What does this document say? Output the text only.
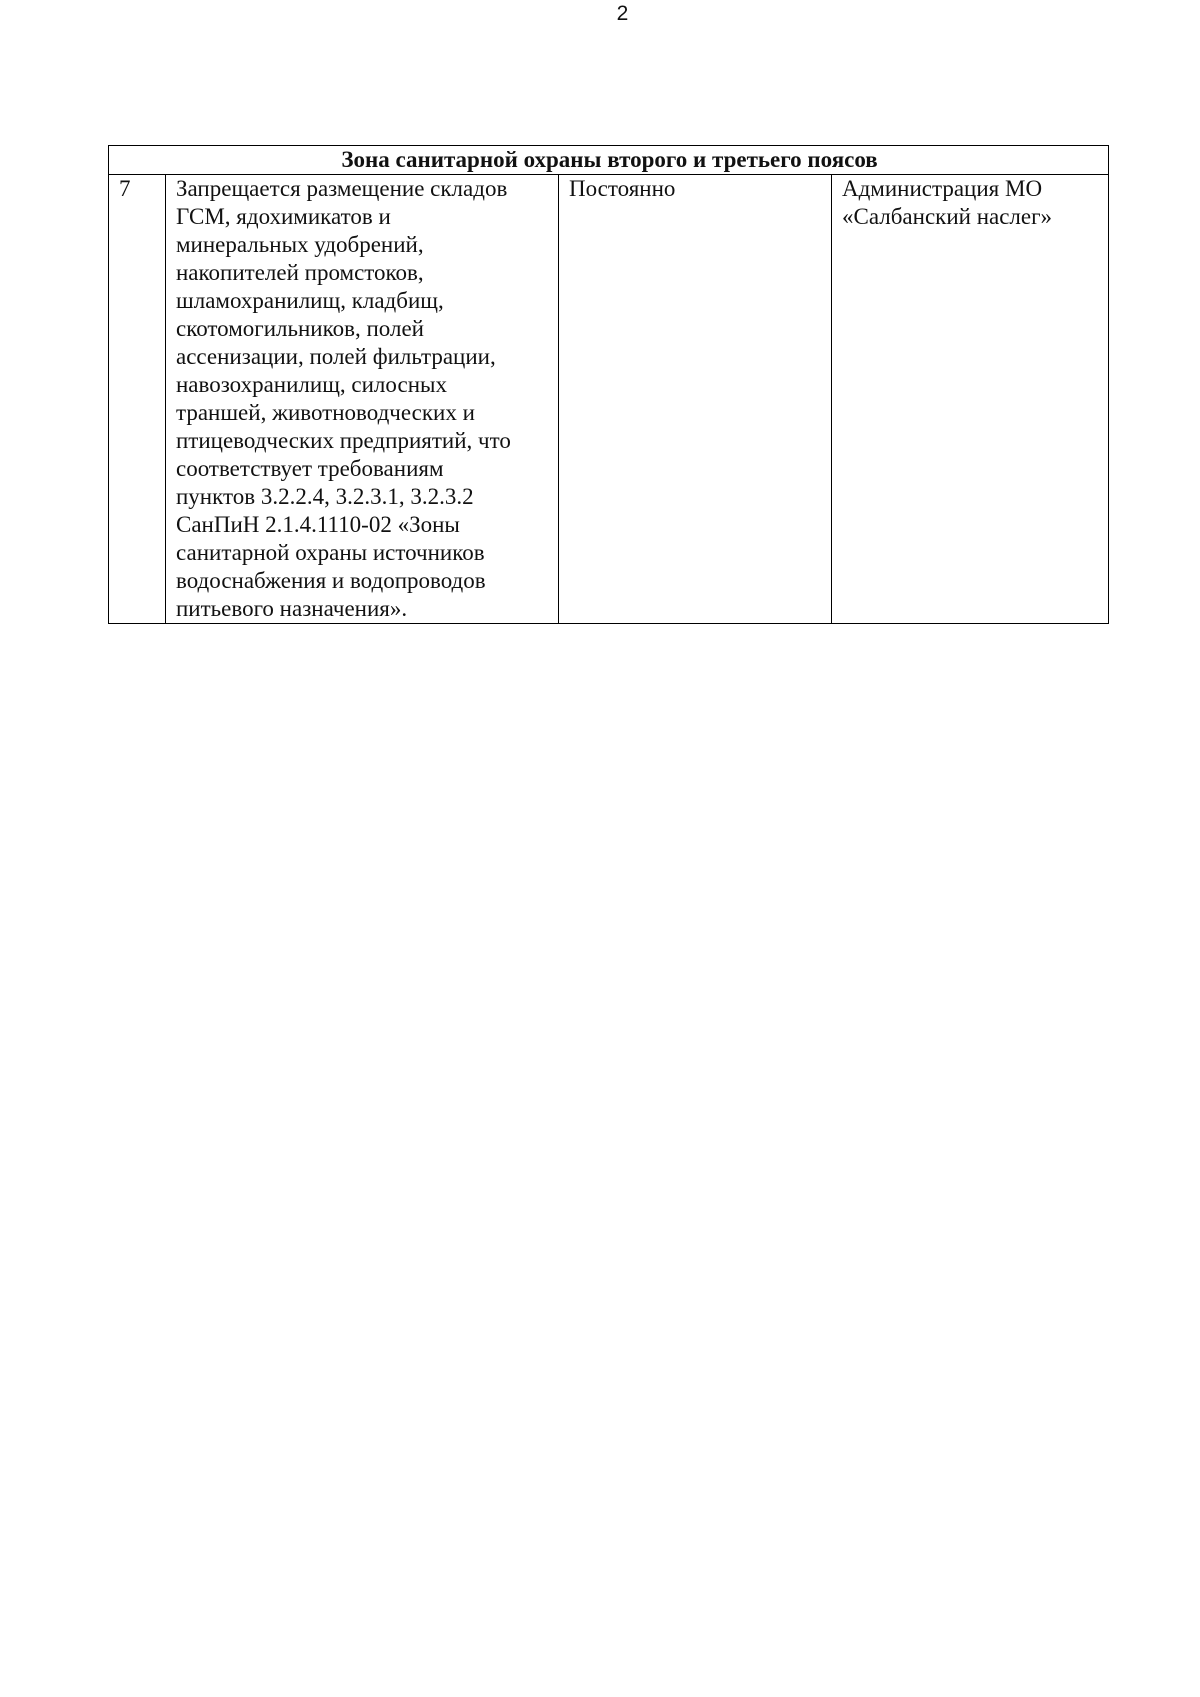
2
Зона санитарной охраны второго и третьего поясов
7	Запрещается размещение складов
ГСМ, ядохимикатов и
минеральных удобрений,
накопителей промстоков,
шламохранилищ, кладбищ,
скотомогильников, полей
ассенизации, полей фильтрации,
навозохранилищ, силосных
траншей, животноводческих и
птицеводческих предприятий, что
соответствует требованиям
пунктов 3.2.2.4, 3.2.3.1, 3.2.3.2
СанПиН 2.1.4.1110-02 «Зоны
санитарной охраны источников
водоснабжения и водопроводов
питьевого назначения».	Постоянно	Администрация МО
«Салбанский наслег»
